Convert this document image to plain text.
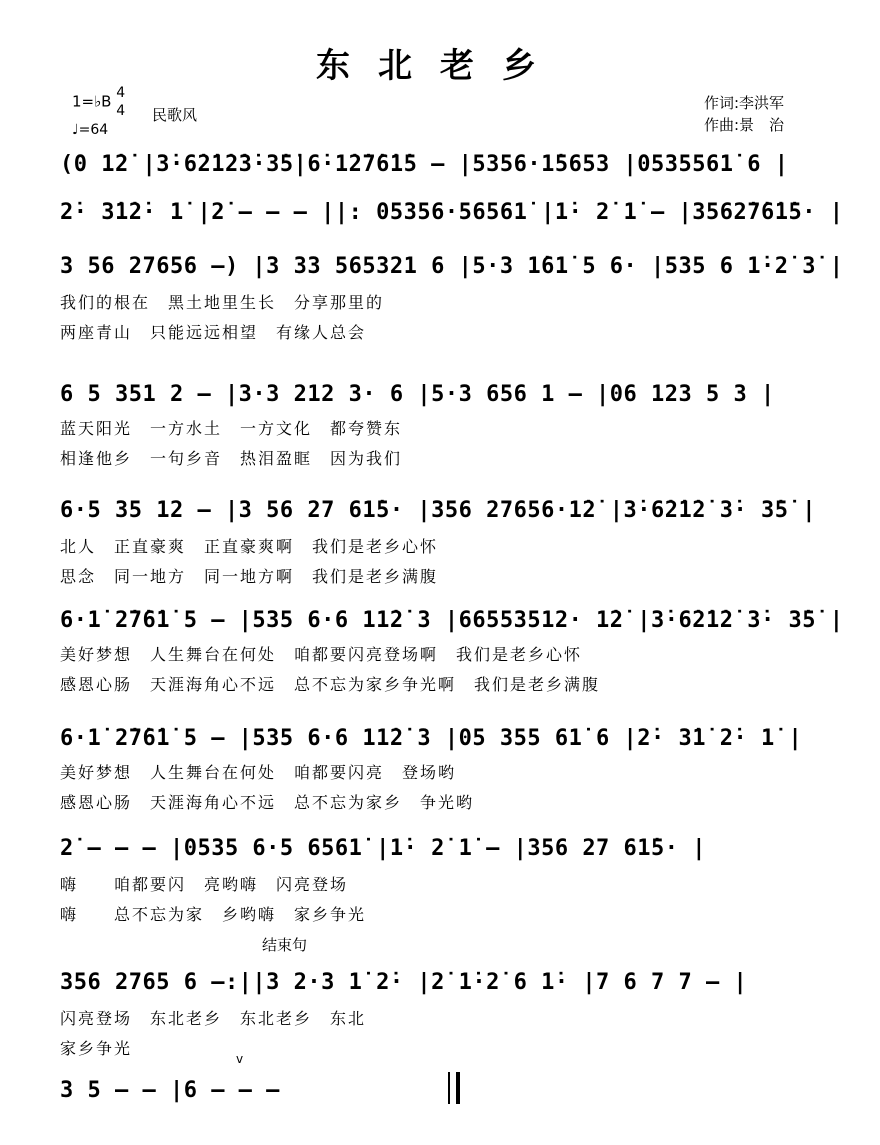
东北老乡
1=♭B 4
4
♩=64
民歌风
作词:李洪军
作曲:景　治
(0 1̇2̇ |3̇·6̇2̇1̇2̇3̇·3̇5̇|6̇·1̇2̇7̇6̇1̇5 – |5356·1̇5653 |0535561̇ 6 |
2̇· 3̇1̇2̇· 1̇ |2̇ – – – ||: 05356·56561̇ |1̇· 2̇ 1̇ – |3562̇7̇6̇1̇5· |
3 56 27656 –) |3 33 565321 6 |5·3 1̇61̇ 5 6· |535 6 1̇·2̇ 3̇ |
我们的根在　黑土地里生长　分享那里的
两座青山　只能远远相望　有缘人总会
6 5 351 2 – |3·3 212 3· 6 |5·3 656 1 – |06 123 5 3 |
蓝天阳光　一方水土　一方文化　都夸赞东
相逢他乡　一句乡音　热泪盈眶　因为我们
6·5 35 12 – |3 56 27 61̇5· |356 27656·1̇2̇ |3̇·6̇2̇1̇2̇ 3̇· 3̇5̇ |
北人　正直豪爽　正直豪爽啊　我们是老乡心怀
思念　同一地方　同一地方啊　我们是老乡满腹
6·1̇ 2̇7̇6̇1̇ 5 – |535 6·6 11̇2̇ 3 |66553512· 1̇2̇ |3̇·6̇2̇1̇2̇ 3̇· 3̇5̇ |
美好梦想　人生舞台在何处　咱都要闪亮登场啊　我们是老乡心怀
感恩心肠　天涯海角心不远　总不忘为家乡争光啊　我们是老乡满腹
6·1̇ 2̇7̇6̇1̇ 5 – |535 6·6 11̇2̇ 3 |05 355 61̇ 6 |2̇· 3̇1̇ 2̇· 1̇ |
美好梦想　人生舞台在何处　咱都要闪亮　登场哟
感恩心肠　天涯海角心不远　总不忘为家乡　争光哟
2̇ – – – |0535 6·5 6561̇ |1̇· 2̇ 1̇ – |356 27 61̇5· |
嗨　　咱都要闪　亮哟嗨　闪亮登场
嗨　　总不忘为家　乡哟嗨　家乡争光
结束句
356 2765 6 –:||3 2·3 1̇ 2̇· |2̇ 1̇·2̇ 6 1̇· |7 6 7 7 – |
闪亮登场　东北老乡　东北老乡　东北
家乡争光
v
3 5 – – |6 – – –
